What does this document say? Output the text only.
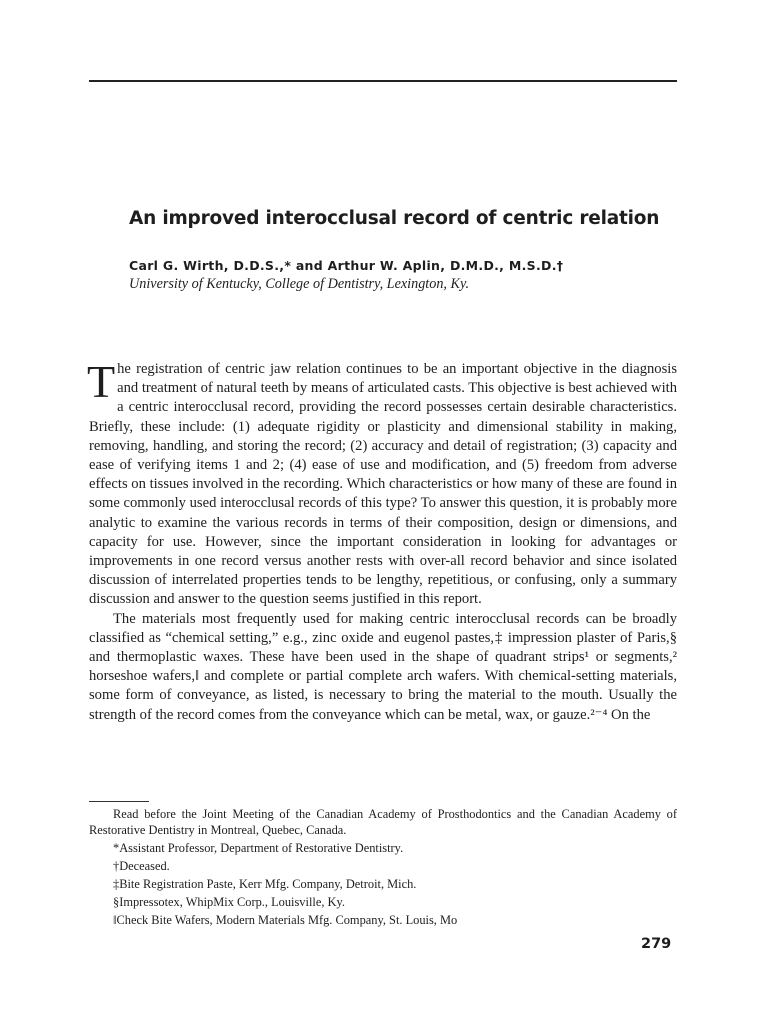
An improved interocclusal record of centric relation
Carl G. Wirth, D.D.S.,* and Arthur W. Aplin, D.M.D., M.S.D.†
University of Kentucky, College of Dentistry, Lexington, Ky.

The registration of centric jaw relation continues to be an important objective in the diagnosis and treatment of natural teeth by means of articulated casts. This objective is best achieved with a centric interocclusal record, providing the record possesses certain desirable characteristics. Briefly, these include: (1) adequate rigidity or plasticity and dimensional stability in making, removing, handling, and storing the record; (2) accuracy and detail of registration; (3) capacity and ease of verifying items 1 and 2; (4) ease of use and modification, and (5) freedom from adverse effects on tissues involved in the recording. Which characteristics or how many of these are found in some commonly used interocclusal records of this type? To answer this question, it is probably more analytic to examine the various records in terms of their composition, design or dimensions, and capacity for use. However, since the important consideration in looking for advantages or improvements in one record versus another rests with over-all record behavior and since isolated discussion of interrelated properties tends to be lengthy, repetitious, or confusing, only a summary discussion and answer to the question seems justified in this report.

The materials most frequently used for making centric interocclusal records can be broadly classified as “chemical setting,” e.g., zinc oxide and eugenol pastes,‡ impression plaster of Paris,§ and thermoplastic waxes. These have been used in the shape of quadrant strips¹ or segments,² horseshoe wafers,‖ and complete or partial complete arch wafers. With chemical-setting materials, some form of conveyance, as listed, is necessary to bring the material to the mouth. Usually the strength of the record comes from the conveyance which can be metal, wax, or gauze.²⁻⁴ On the

Read before the Joint Meeting of the Canadian Academy of Prosthodontics and the Canadian Academy of Restorative Dentistry in Montreal, Quebec, Canada.

*Assistant Professor, Department of Restorative Dentistry.

†Deceased.

‡Bite Registration Paste, Kerr Mfg. Company, Detroit, Mich.

§Impressotex, WhipMix Corp., Louisville, Ky.

‖Check Bite Wafers, Modern Materials Mfg. Company, St. Louis, Mo

279
